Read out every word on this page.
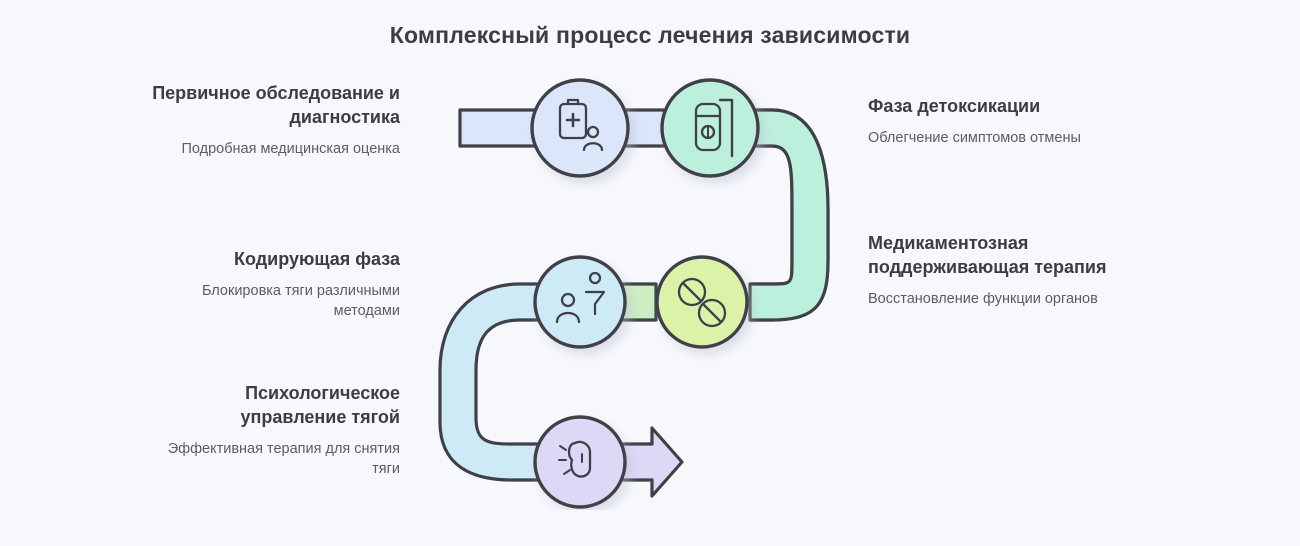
Комплексный процесс лечения зависимости
Первичное обследование и диагностика
Подробная медицинская оценка
Кодирующая фаза
Блокировка тяги различными методами
Психологическое управление тягой
Эффективная терапия для снятия тяги
Фаза детоксикации
Облегчение симптомов отмены
Медикаментозная поддерживающая терапия
Восстановление функции органов
